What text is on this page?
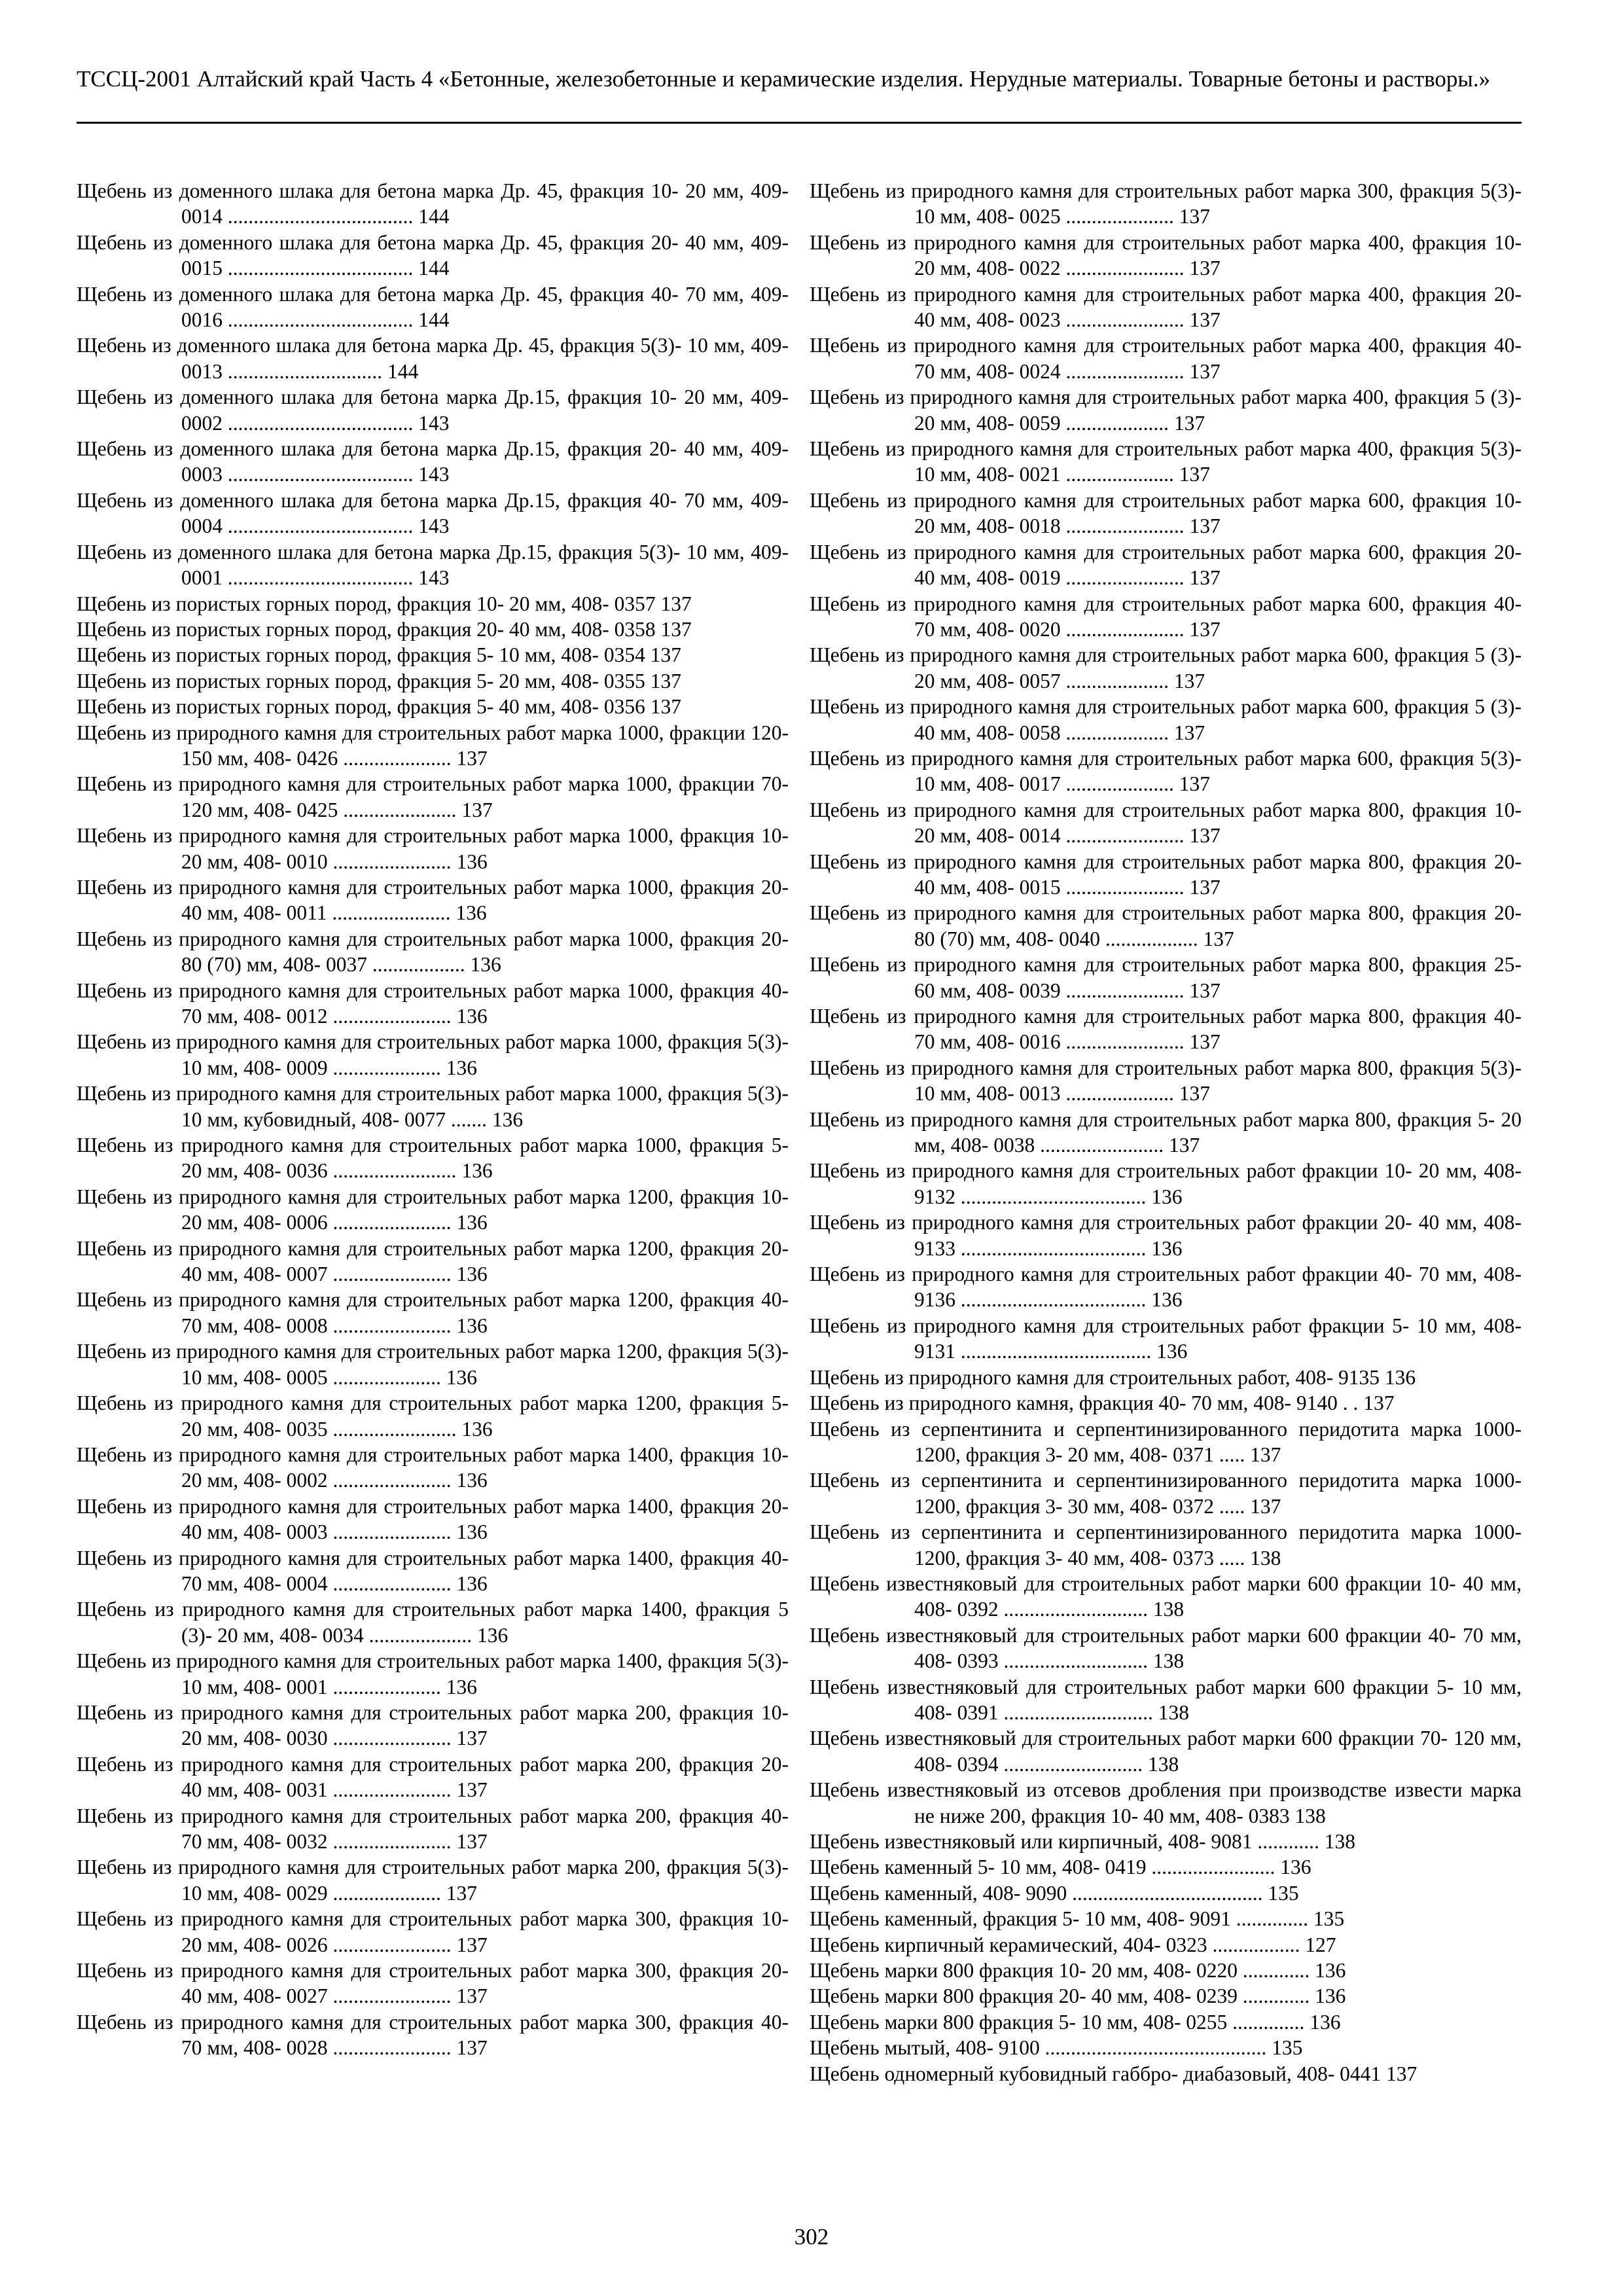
ТССЦ-2001 Алтайский край Часть 4 «Бетонные, железобетонные и керамические изделия. Нерудные материалы. Товарные бетоны и растворы.»
Щебень из доменного шлака для бетона марка Др. 45, фракция 10- 20 мм, 409- 0014 .................................... 144
Щебень из доменного шлака для бетона марка Др. 45, фракция 20- 40 мм, 409- 0015 .................................... 144
Щебень из доменного шлака для бетона марка Др. 45, фракция 40- 70 мм, 409- 0016 .................................... 144
Щебень из доменного шлака для бетона марка Др. 45, фракция 5(3)- 10 мм, 409- 0013 .............................. 144
Щебень из доменного шлака для бетона марка Др.15, фракция 10- 20 мм, 409- 0002 .................................... 143
Щебень из доменного шлака для бетона марка Др.15, фракция 20- 40 мм, 409- 0003 .................................... 143
Щебень из доменного шлака для бетона марка Др.15, фракция 40- 70 мм, 409- 0004 .................................... 143
Щебень из доменного шлака для бетона марка Др.15, фракция 5(3)- 10 мм, 409- 0001 .................................... 143
Щебень из пористых горных пород, фракция 10- 20 мм, 408- 0357 137
Щебень из пористых горных пород, фракция 20- 40 мм, 408- 0358 137
Щебень из пористых горных пород, фракция 5- 10 мм, 408- 0354 137
Щебень из пористых горных пород, фракция 5- 20 мм, 408- 0355 137
Щебень из пористых горных пород, фракция 5- 40 мм, 408- 0356 137
Щебень из природного камня для строительных работ марка 1000, фракции 120- 150 мм, 408- 0426 ..................... 137
Щебень из природного камня для строительных работ марка 1000, фракции 70- 120 мм, 408- 0425 ...................... 137
Щебень из природного камня для строительных работ марка 1000, фракция 10- 20 мм, 408- 0010 ....................... 136
Щебень из природного камня для строительных работ марка 1000, фракция 20- 40 мм, 408- 0011 ....................... 136
Щебень из природного камня для строительных работ марка 1000, фракция 20- 80 (70) мм, 408- 0037 .................. 136
Щебень из природного камня для строительных работ марка 1000, фракция 40- 70 мм, 408- 0012 ....................... 136
Щебень из природного камня для строительных работ марка 1000, фракция 5(3)- 10 мм, 408- 0009 ..................... 136
Щебень из природного камня для строительных работ марка 1000, фракция 5(3)- 10 мм, кубовидный, 408- 0077 ....... 136
Щебень из природного камня для строительных работ марка 1000, фракция 5- 20 мм, 408- 0036 ........................ 136
Щебень из природного камня для строительных работ марка 1200, фракция 10- 20 мм, 408- 0006 ....................... 136
Щебень из природного камня для строительных работ марка 1200, фракция 20- 40 мм, 408- 0007 ....................... 136
Щебень из природного камня для строительных работ марка 1200, фракция 40- 70 мм, 408- 0008 ....................... 136
Щебень из природного камня для строительных работ марка 1200, фракция 5(3)- 10 мм, 408- 0005 ..................... 136
Щебень из природного камня для строительных работ марка 1200, фракция 5- 20 мм, 408- 0035 ........................ 136
Щебень из природного камня для строительных работ марка 1400, фракция 10- 20 мм, 408- 0002 ....................... 136
Щебень из природного камня для строительных работ марка 1400, фракция 20- 40 мм, 408- 0003 ....................... 136
Щебень из природного камня для строительных работ марка 1400, фракция 40- 70 мм, 408- 0004 ....................... 136
Щебень из природного камня для строительных работ марка 1400, фракция 5 (3)- 20 мм, 408- 0034 .................... 136
Щебень из природного камня для строительных работ марка 1400, фракция 5(3)- 10 мм, 408- 0001 ..................... 136
Щебень из природного камня для строительных работ марка 200, фракция 10- 20 мм, 408- 0030 ....................... 137
Щебень из природного камня для строительных работ марка 200, фракция 20- 40 мм, 408- 0031 ....................... 137
Щебень из природного камня для строительных работ марка 200, фракция 40- 70 мм, 408- 0032 ....................... 137
Щебень из природного камня для строительных работ марка 200, фракция 5(3)- 10 мм, 408- 0029 ..................... 137
Щебень из природного камня для строительных работ марка 300, фракция 10- 20 мм, 408- 0026 ....................... 137
Щебень из природного камня для строительных работ марка 300, фракция 20- 40 мм, 408- 0027 ....................... 137
Щебень из природного камня для строительных работ марка 300, фракция 40- 70 мм, 408- 0028 ....................... 137
Щебень из природного камня для строительных работ марка 300, фракция 5(3)- 10 мм, 408- 0025 ..................... 137
Щебень из природного камня для строительных работ марка 400, фракция 10- 20 мм, 408- 0022 ....................... 137
Щебень из природного камня для строительных работ марка 400, фракция 20- 40 мм, 408- 0023 ....................... 137
Щебень из природного камня для строительных работ марка 400, фракция 40- 70 мм, 408- 0024 ....................... 137
Щебень из природного камня для строительных работ марка 400, фракция 5 (3)- 20 мм, 408- 0059 .................... 137
Щебень из природного камня для строительных работ марка 400, фракция 5(3)- 10 мм, 408- 0021 ..................... 137
Щебень из природного камня для строительных работ марка 600, фракция 10- 20 мм, 408- 0018 ....................... 137
Щебень из природного камня для строительных работ марка 600, фракция 20- 40 мм, 408- 0019 ....................... 137
Щебень из природного камня для строительных работ марка 600, фракция 40- 70 мм, 408- 0020 ....................... 137
Щебень из природного камня для строительных работ марка 600, фракция 5 (3)- 20 мм, 408- 0057 .................... 137
Щебень из природного камня для строительных работ марка 600, фракция 5 (3)- 40 мм, 408- 0058 .................... 137
Щебень из природного камня для строительных работ марка 600, фракция 5(3)- 10 мм, 408- 0017 ..................... 137
Щебень из природного камня для строительных работ марка 800, фракция 10- 20 мм, 408- 0014 ....................... 137
Щебень из природного камня для строительных работ марка 800, фракция 20- 40 мм, 408- 0015 ....................... 137
Щебень из природного камня для строительных работ марка 800, фракция 20- 80 (70) мм, 408- 0040 .................. 137
Щебень из природного камня для строительных работ марка 800, фракция 25- 60 мм, 408- 0039 ....................... 137
Щебень из природного камня для строительных работ марка 800, фракция 40- 70 мм, 408- 0016 ....................... 137
Щебень из природного камня для строительных работ марка 800, фракция 5(3)- 10 мм, 408- 0013 ..................... 137
Щебень из природного камня для строительных работ марка 800, фракция 5- 20 мм, 408- 0038 ........................ 137
Щебень из природного камня для строительных работ фракции 10- 20 мм, 408- 9132 .................................... 136
Щебень из природного камня для строительных работ фракции 20- 40 мм, 408- 9133 .................................... 136
Щебень из природного камня для строительных работ фракции 40- 70 мм, 408- 9136 .................................... 136
Щебень из природного камня для строительных работ фракции 5- 10 мм, 408- 9131 ..................................... 136
Щебень из природного камня для строительных работ, 408- 9135 136
Щебень из природного камня, фракция 40- 70 мм, 408- 9140 . . 137
Щебень из серпентинита и серпентинизированного перидотита марка 1000- 1200, фракция 3- 20 мм, 408- 0371 ..... 137
Щебень из серпентинита и серпентинизированного перидотита марка 1000- 1200, фракция 3- 30 мм, 408- 0372 ..... 137
Щебень из серпентинита и серпентинизированного перидотита марка 1000- 1200, фракция 3- 40 мм, 408- 0373 ..... 138
Щебень известняковый для строительных работ марки 600 фракции 10- 40 мм, 408- 0392 ............................ 138
Щебень известняковый для строительных работ марки 600 фракции 40- 70 мм, 408- 0393 ............................ 138
Щебень известняковый для строительных работ марки 600 фракции 5- 10 мм, 408- 0391 ............................. 138
Щебень известняковый для строительных работ марки 600 фракции 70- 120 мм, 408- 0394 ........................... 138
Щебень известняковый из отсевов дробления при производстве извести марка не ниже 200, фракция 10- 40 мм, 408- 0383 138
Щебень известняковый или кирпичный, 408- 9081 ............ 138
Щебень каменный 5- 10 мм, 408- 0419 ........................ 136
Щебень каменный, 408- 9090 ..................................... 135
Щебень каменный, фракция 5- 10 мм, 408- 9091 .............. 135
Щебень кирпичный керамический, 404- 0323 ................. 127
Щебень марки 800 фракция 10- 20 мм, 408- 0220 ............. 136
Щебень марки 800 фракция 20- 40 мм, 408- 0239 ............. 136
Щебень марки 800 фракция 5- 10 мм, 408- 0255 .............. 136
Щебень мытый, 408- 9100 ........................................... 135
Щебень одномерный кубовидный габбро- диабазовый, 408- 0441 137
302
